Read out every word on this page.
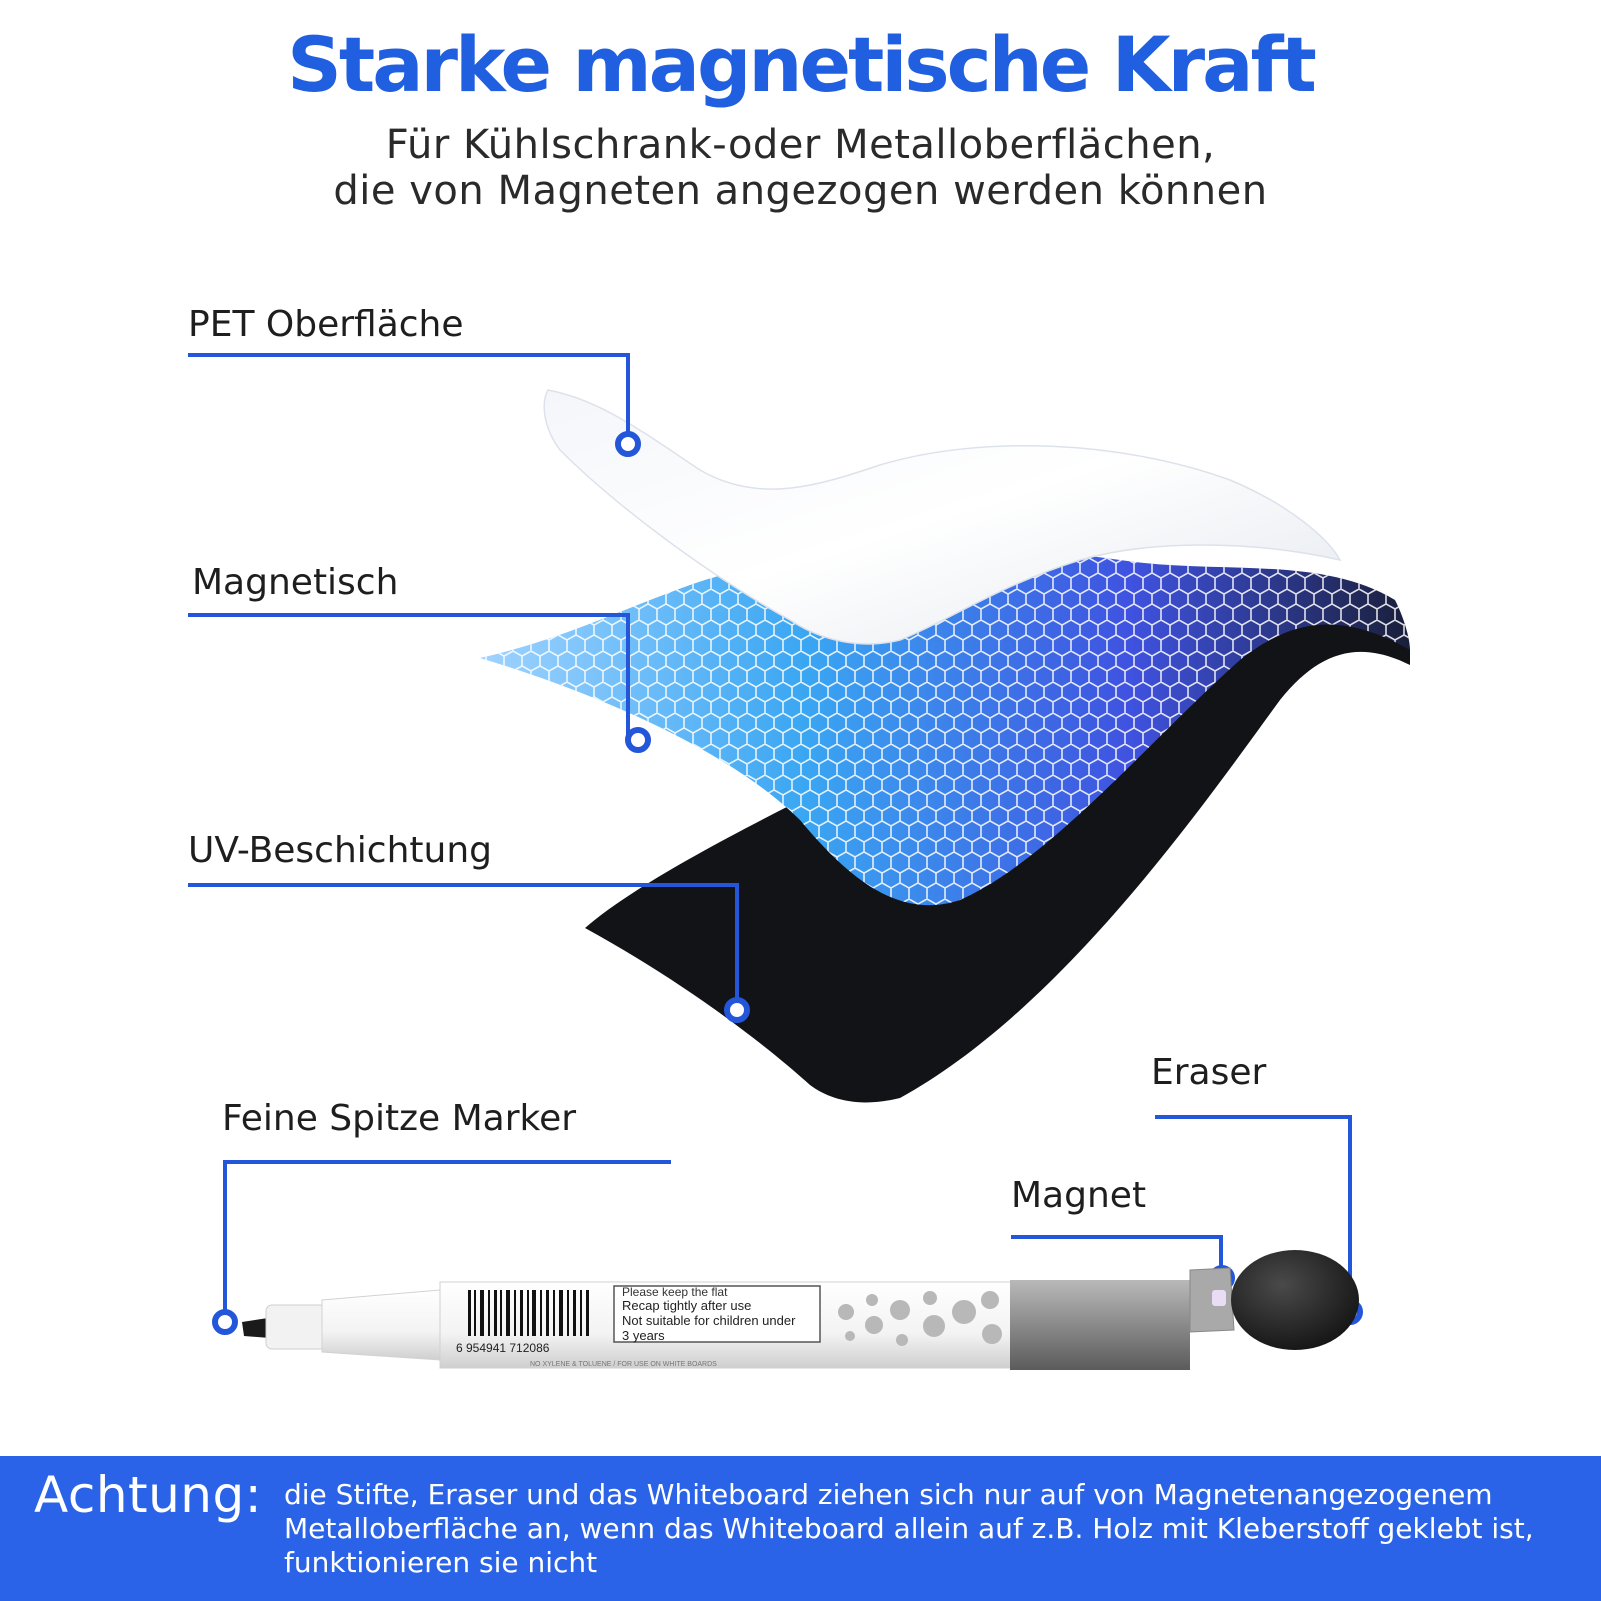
Starke magnetische Kraft
Für Kühlschrank-oder Metalloberflächen,
die von Magneten angezogen werden können
Please keep the flat
Recap tightly after use
Not suitable for children under
3 years
6 954941 712086
NO XYLENE & TOLUENE / FOR USE ON WHITE BOARDS
PET Oberfläche
Magnetisch
UV-Beschichtung
Feine Spitze Marker
Eraser
Magnet
Achtung: die Stifte, Eraser und das Whiteboard ziehen sich nur auf von Magnetenangezogenem Metalloberfläche an, wenn das Whiteboard allein auf z.B. Holz mit Kleberstoff geklebt ist, funktionieren sie nicht
